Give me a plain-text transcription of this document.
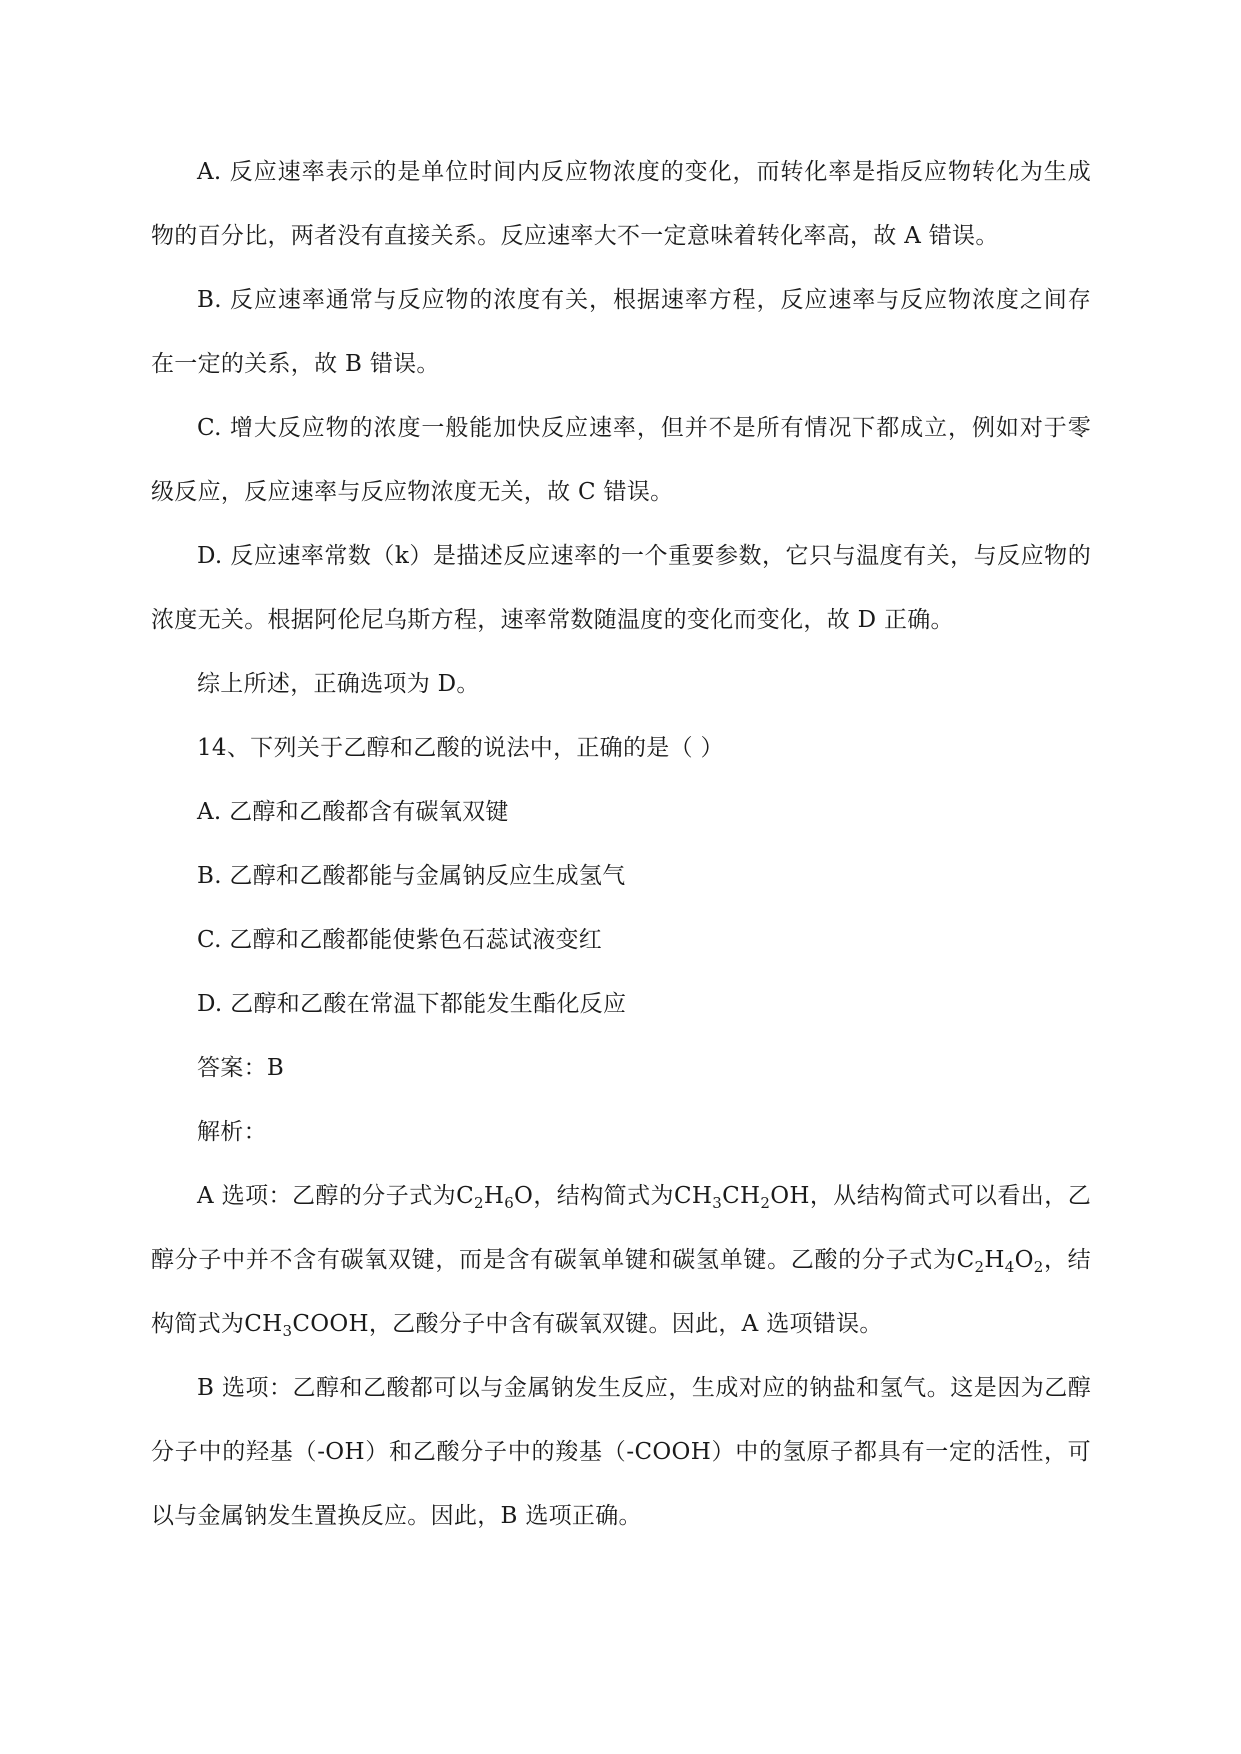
A. 反应速率表示的是单位时间内反应物浓度的变化，而转化率是指反应物转化为生成物的百分比，两者没有直接关系。反应速率大不一定意味着转化率高，故 A 错误。

B. 反应速率通常与反应物的浓度有关，根据速率方程，反应速率与反应物浓度之间存在一定的关系，故 B 错误。

C. 增大反应物的浓度一般能加快反应速率，但并不是所有情况下都成立，例如对于零级反应，反应速率与反应物浓度无关，故 C 错误。

D. 反应速率常数（k）是描述反应速率的一个重要参数，它只与温度有关，与反应物的浓度无关。根据阿伦尼乌斯方程，速率常数随温度的变化而变化，故 D 正确。

综上所述，正确选项为 D。

14、下列关于乙醇和乙酸的说法中，正确的是（ ）

A. 乙醇和乙酸都含有碳氧双键

B. 乙醇和乙酸都能与金属钠反应生成氢气

C. 乙醇和乙酸都能使紫色石蕊试液变红

D. 乙醇和乙酸在常温下都能发生酯化反应

答案：B

解析：

A 选项：乙醇的分子式为$C_2H_6O$，结构简式为$CH_3CH_2OH$，从结构简式可以看出，乙醇分子中并不含有碳氧双键，而是含有碳氧单键和碳氢单键。乙酸的分子式为$C_2H_4O_2$，结构简式为$CH_3COOH$，乙酸分子中含有碳氧双键。因此，A 选项错误。

B 选项：乙醇和乙酸都可以与金属钠发生反应，生成对应的钠盐和氢气。这是因为乙醇分子中的羟基（-OH）和乙酸分子中的羧基（-COOH）中的氢原子都具有一定的活性，可以与金属钠发生置换反应。因此，B 选项正确。
